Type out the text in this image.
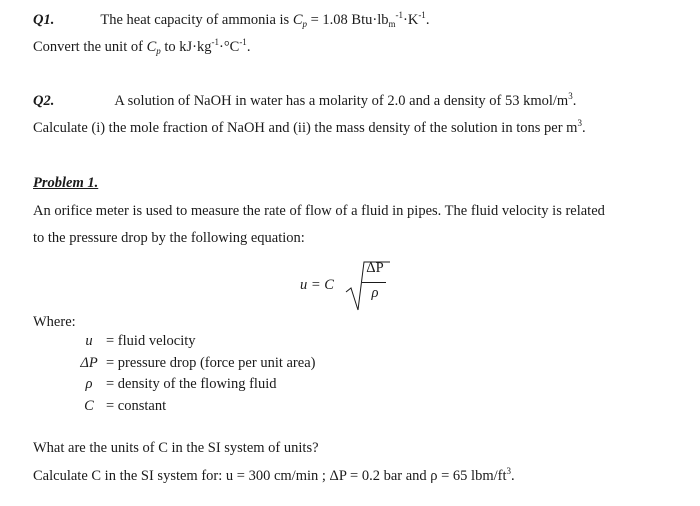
Q1.	The heat capacity of ammonia is $C_p = 1.08$ $Btu\cdot lb_m^{-1}\cdot K^{-1}$.
Convert the unit of $C_p$ to $kJ\cdot kg^{-1}\cdot^\circ C^{-1}$.
Q2.	A solution of NaOH in water has a molarity of 2.0 and a density of 53 kmol/$m^3$.
Calculate (i) the mole fraction of NaOH and (ii) the mass density of the solution in tons per $m^3$.
Problem 1.
An orifice meter is used to measure the rate of flow of a fluid in pipes. The fluid velocity is related
to the pressure drop by the following equation:
u = C
ΔP
ρ
Where:
u = fluid velocity
ΔP = pressure drop (force per unit area)
ρ = density of the flowing fluid
C = constant
What are the units of C in the SI system of units?
Calculate C in the SI system for: u = 300 cm/min ; ΔP = 0.2 bar and ρ = 65 lbm/$ft^3$.
